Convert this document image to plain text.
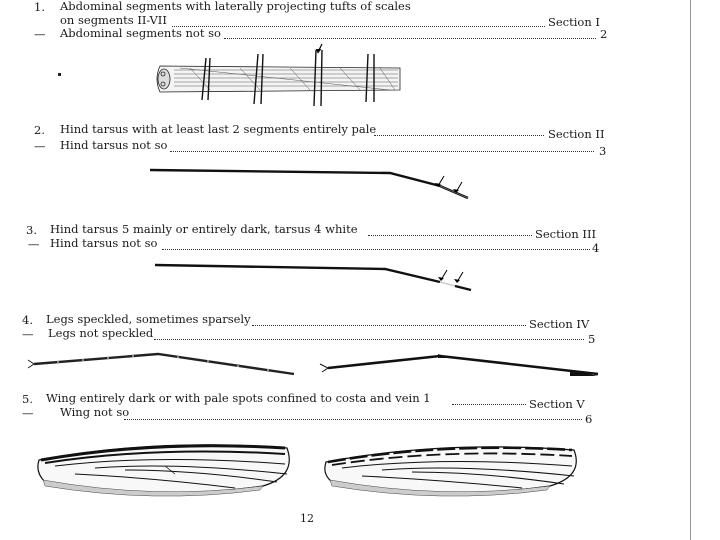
1. Abdominal segments with laterally projecting tufts of scales
on segments II-VII	Section I
— Abdominal segments not so	2
2. Hind tarsus with at least last 2 segments entirely pale	Section II
— Hind tarsus not so	3
3. Hind tarsus 5 mainly or entirely dark, tarsus 4 white	Section III
— Hind tarsus not so	4
4. Legs speckled, sometimes sparsely	Section IV
— Legs not speckled	5
5. Wing entirely dark or with pale spots confined to costa and vein 1	Section V
— Wing not so	6
12
